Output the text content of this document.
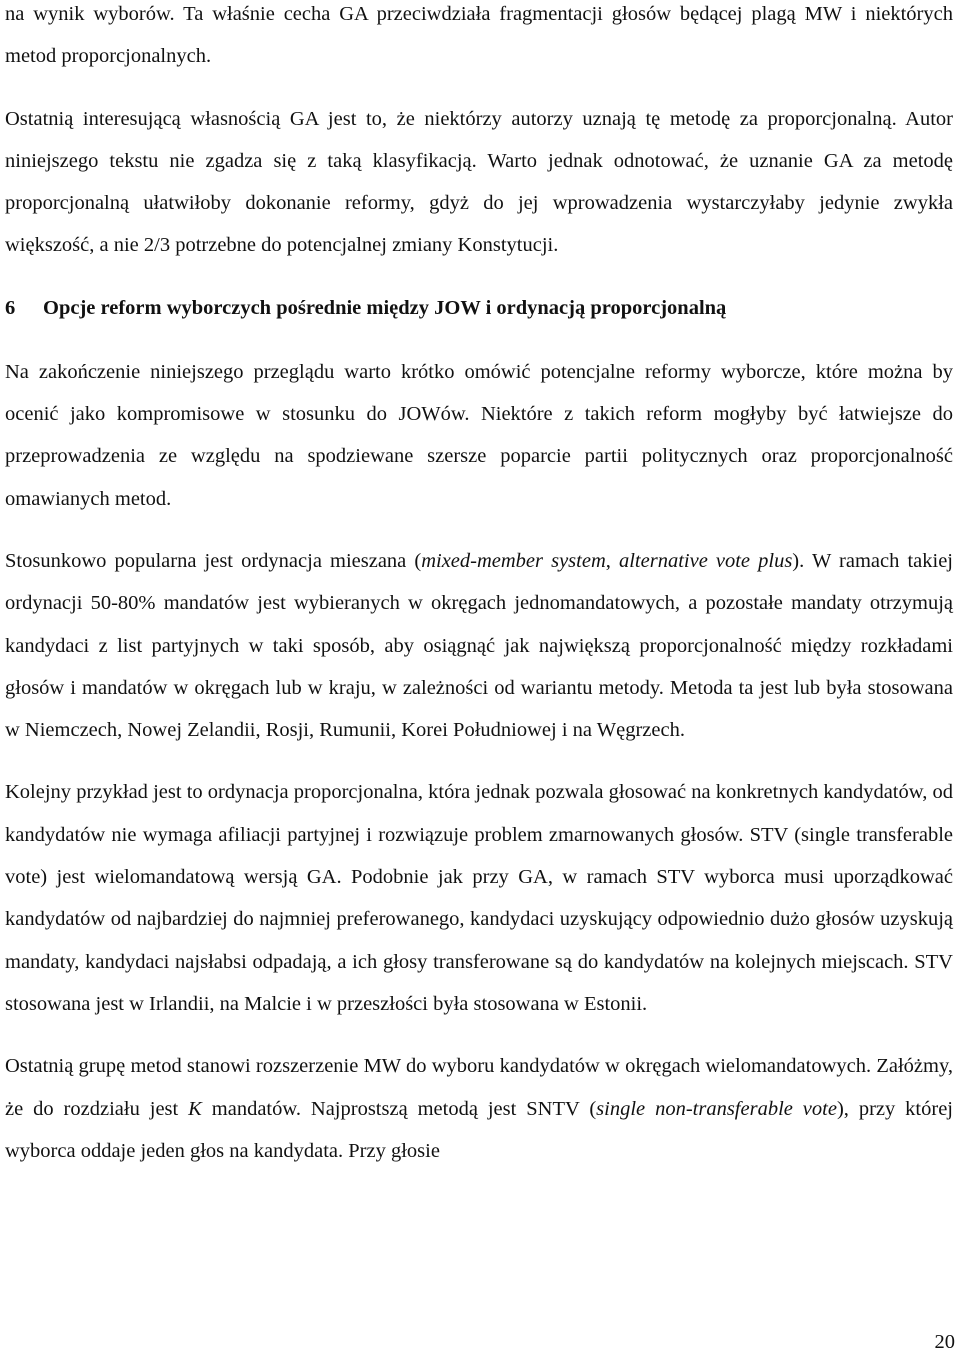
na wynik wyborów. Ta właśnie cecha GA przeciwdziała fragmentacji głosów będącej plagą MW i niektórych metod proporcjonalnych.

Ostatnią interesującą własnością GA jest to, że niektórzy autorzy uznają tę metodę za proporcjonalną. Autor niniejszego tekstu nie zgadza się z taką klasyfikacją. Warto jednak odnotować, że uznanie GA za metodę proporcjonalną ułatwiłoby dokonanie reformy, gdyż do jej wprowadzenia wystarczyłaby jedynie zwykła większość, a nie 2/3 potrzebne do potencjalnej zmiany Konstytucji.

6 Opcje reform wyborczych pośrednie między JOW i ordynacją proporcjonalną

Na zakończenie niniejszego przeglądu warto krótko omówić potencjalne reformy wyborcze, które można by ocenić jako kompromisowe w stosunku do JOWów. Niektóre z takich reform mogłyby być łatwiejsze do przeprowadzenia ze względu na spodziewane szersze poparcie partii politycznych oraz proporcjonalność omawianych metod.

Stosunkowo popularna jest ordynacja mieszana (mixed-member system, alternative vote plus). W ramach takiej ordynacji 50-80% mandatów jest wybieranych w okręgach jednomandatowych, a pozostałe mandaty otrzymują kandydaci z list partyjnych w taki sposób, aby osiągnąć jak największą proporcjonalność między rozkładami głosów i mandatów w okręgach lub w kraju, w zależności od wariantu metody. Metoda ta jest lub była stosowana w Niemczech, Nowej Zelandii, Rosji, Rumunii, Korei Południowej i na Węgrzech.

Kolejny przykład jest to ordynacja proporcjonalna, która jednak pozwala głosować na konkretnych kandydatów, od kandydatów nie wymaga afiliacji partyjnej i rozwiązuje problem zmarnowanych głosów. STV (single transferable vote) jest wielomandatową wersją GA. Podobnie jak przy GA, w ramach STV wyborca musi uporządkować kandydatów od najbardziej do najmniej preferowanego, kandydaci uzyskujący odpowiednio dużo głosów uzyskują mandaty, kandydaci najsłabsi odpadają, a ich głosy transferowane są do kandydatów na kolejnych miejscach. STV stosowana jest w Irlandii, na Malcie i w przeszłości była stosowana w Estonii.

Ostatnią grupę metod stanowi rozszerzenie MW do wyboru kandydatów w okręgach wielomandatowych. Załóżmy, że do rozdziału jest K mandatów. Najprostszą metodą jest SNTV (single non-transferable vote), przy której wyborca oddaje jeden głos na kandydata. Przy głosie

20
